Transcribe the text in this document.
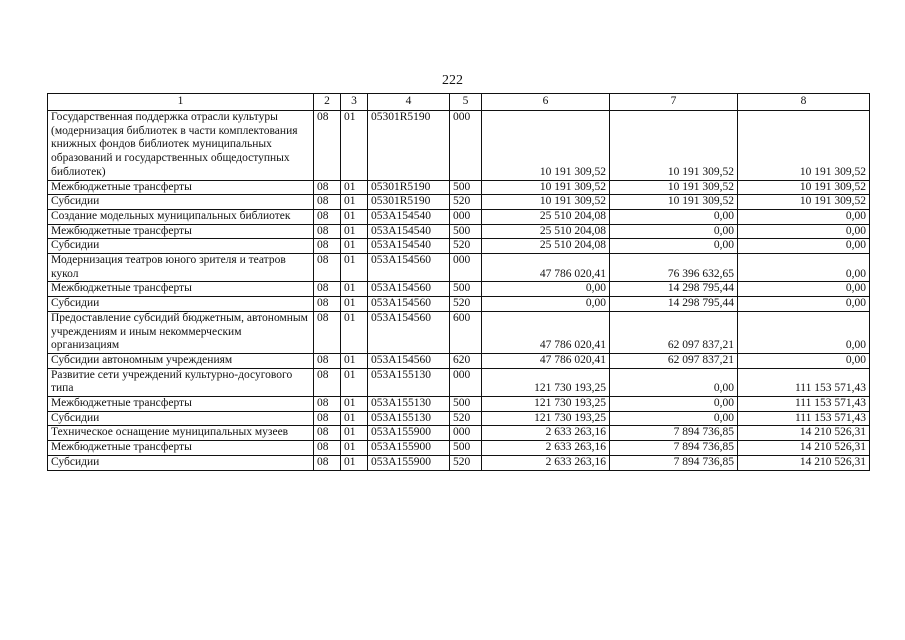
222
1	2	3	4	5	6	7	8
Государственная поддержка отрасли культуры (модернизация библиотек в части комплектования книжных фондов библиотек муниципальных образований и государственных общедоступных библиотек)	08	01	05301R5190	000	10 191 309,52	10 191 309,52	10 191 309,52
Межбюджетные трансферты	08	01	05301R5190	500	10 191 309,52	10 191 309,52	10 191 309,52
Субсидии	08	01	05301R5190	520	10 191 309,52	10 191 309,52	10 191 309,52
Создание модельных муниципальных библиотек	08	01	053A154540	000	25 510 204,08	0,00	0,00
Межбюджетные трансферты	08	01	053A154540	500	25 510 204,08	0,00	0,00
Субсидии	08	01	053A154540	520	25 510 204,08	0,00	0,00
Модернизация театров юного зрителя и театров кукол	08	01	053A154560	000	47 786 020,41	76 396 632,65	0,00
Межбюджетные трансферты	08	01	053A154560	500	0,00	14 298 795,44	0,00
Субсидии	08	01	053A154560	520	0,00	14 298 795,44	0,00
Предоставление субсидий бюджетным, автономным учреждениям и иным некоммерческим организациям	08	01	053A154560	600	47 786 020,41	62 097 837,21	0,00
Субсидии автономным учреждениям	08	01	053A154560	620	47 786 020,41	62 097 837,21	0,00
Развитие сети учреждений культурно-досугового типа	08	01	053A155130	000	121 730 193,25	0,00	111 153 571,43
Межбюджетные трансферты	08	01	053A155130	500	121 730 193,25	0,00	111 153 571,43
Субсидии	08	01	053A155130	520	121 730 193,25	0,00	111 153 571,43
Техническое оснащение муниципальных музеев	08	01	053A155900	000	2 633 263,16	7 894 736,85	14 210 526,31
Межбюджетные трансферты	08	01	053A155900	500	2 633 263,16	7 894 736,85	14 210 526,31
Субсидии	08	01	053A155900	520	2 633 263,16	7 894 736,85	14 210 526,31
